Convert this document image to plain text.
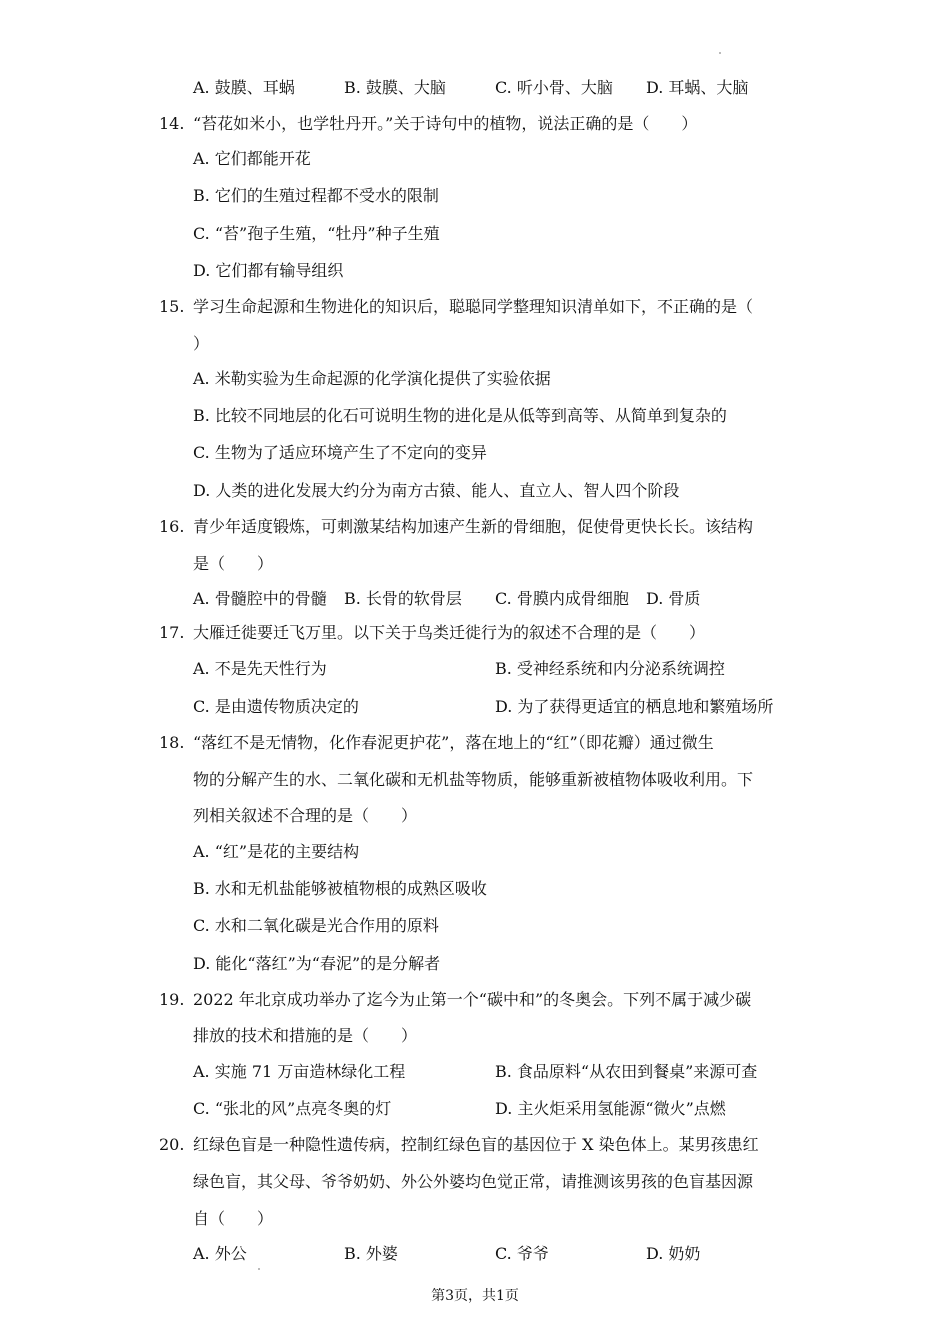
A. 鼓膜、耳蜗	B. 鼓膜、大脑	C. 听小骨、大脑 D. 耳蜗、大脑
14. “苔花如米小，也学牡丹开。”关于诗句中的植物，说法正确的是（　　）
A. 它们都能开花
B. 它们的生殖过程都不受水的限制
C. “苔”孢子生殖，“牡丹”种子生殖
D. 它们都有输导组织
15. 学习生命起源和生物进化的知识后，聪聪同学整理知识清单如下，不正确的是（
）
A. 米勒实验为生命起源的化学演化提供了实验依据
B. 比较不同地层的化石可说明生物的进化是从低等到高等、从简单到复杂的
C. 生物为了适应环境产生了不定向的变异
D. 人类的进化发展大约分为南方古猿、能人、直立人、智人四个阶段
16. 青少年适度锻炼，可刺激某结构加速产生新的骨细胞，促使骨更快长长。该结构
是（　　）
A. 骨髓腔中的骨髓 B. 长骨的软骨层 C. 骨膜内成骨细胞 D. 骨质
17. 大雁迁徙要迁飞万里。以下关于鸟类迁徙行为的叙述不合理的是（　　）
A. 不是先天性行为	B. 受神经系统和内分泌系统调控
C. 是由遗传物质决定的	D. 为了获得更适宜的栖息地和繁殖场所
18. “落红不是无情物，化作春泥更护花”，落在地上的“红”（即花瓣）通过微生
物的分解产生的水、二氧化碳和无机盐等物质，能够重新被植物体吸收利用。下
列相关叙述不合理的是（　　）
A. “红”是花的主要结构
B. 水和无机盐能够被植物根的成熟区吸收
C. 水和二氧化碳是光合作用的原料
D. 能化“落红”为“春泥”的是分解者
19. 2022 年北京成功举办了迄今为止第一个“碳中和”的冬奥会。下列不属于减少碳
排放的技术和措施的是（　　）
A. 实施 71 万亩造林绿化工程	B. 食品原料“从农田到餐桌”来源可查
C. “张北的风”点亮冬奥的灯	D. 主火炬采用氢能源“微火”点燃
20. 红绿色盲是一种隐性遗传病，控制红绿色盲的基因位于 X 染色体上。某男孩患红
绿色盲，其父母、爷爷奶奶、外公外婆均色觉正常，请推测该男孩的色盲基因源
自（　　）
A. 外公	B. 外婆	C. 爷爷	D. 奶奶
第3页，共1页
